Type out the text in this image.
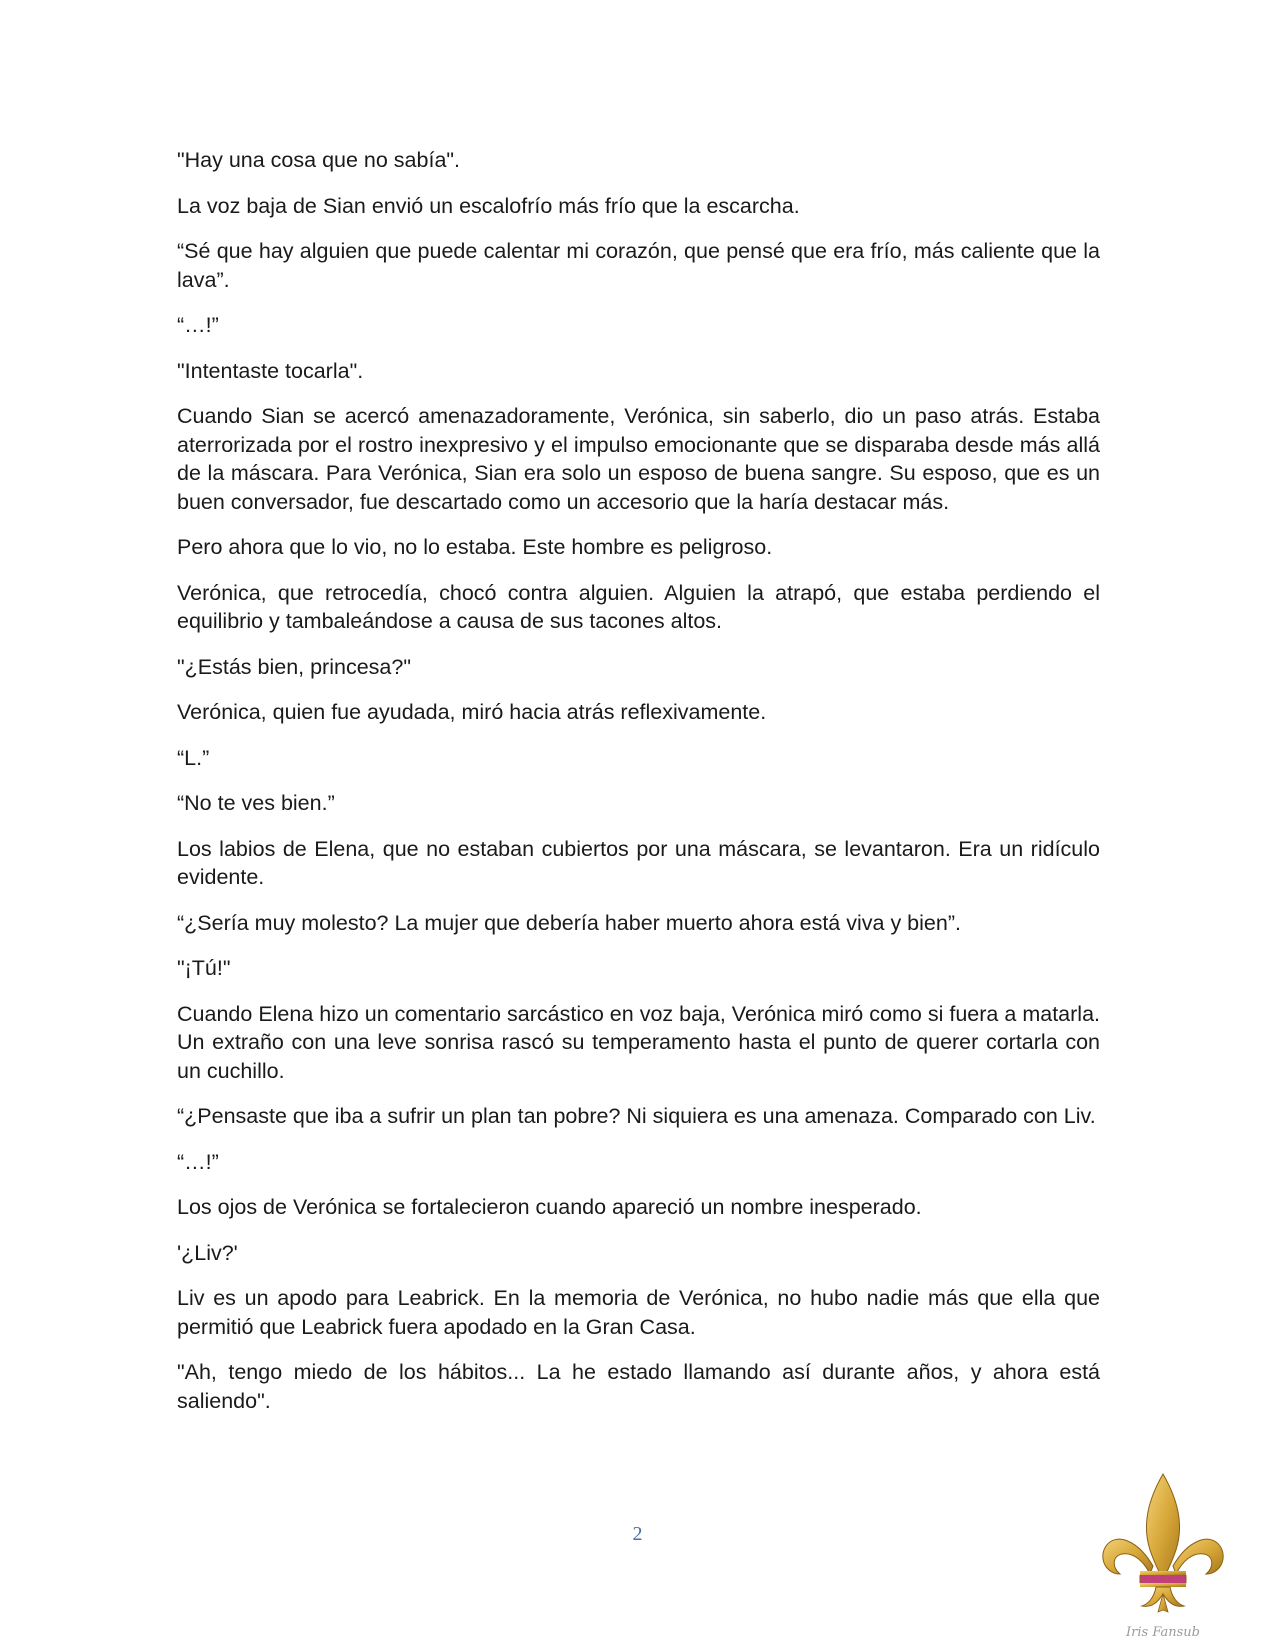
"Hay una cosa que no sabía".

La voz baja de Sian envió un escalofrío más frío que la escarcha.

“Sé que hay alguien que puede calentar mi corazón, que pensé que era frío, más caliente que la lava”.

“…!”

"Intentaste tocarla".

Cuando Sian se acercó amenazadoramente, Verónica, sin saberlo, dio un paso atrás. Estaba aterrorizada por el rostro inexpresivo y el impulso emocionante que se disparaba desde más allá de la máscara. Para Verónica, Sian era solo un esposo de buena sangre. Su esposo, que es un buen conversador, fue descartado como un accesorio que la haría destacar más.

Pero ahora que lo vio, no lo estaba. Este hombre es peligroso.

Verónica, que retrocedía, chocó contra alguien. Alguien la atrapó, que estaba perdiendo el equilibrio y tambaleándose a causa de sus tacones altos.

"¿Estás bien, princesa?"

Verónica, quien fue ayudada, miró hacia atrás reflexivamente.

“L.”

“No te ves bien.”

Los labios de Elena, que no estaban cubiertos por una máscara, se levantaron. Era un ridículo evidente.

“¿Sería muy molesto? La mujer que debería haber muerto ahora está viva y bien”.

"¡Tú!"

Cuando Elena hizo un comentario sarcástico en voz baja, Verónica miró como si fuera a matarla. Un extraño con una leve sonrisa rascó su temperamento hasta el punto de querer cortarla con un cuchillo.

“¿Pensaste que iba a sufrir un plan tan pobre? Ni siquiera es una amenaza. Comparado con Liv.

“…!”

Los ojos de Verónica se fortalecieron cuando apareció un nombre inesperado.

'¿Liv?'

Liv es un apodo para Leabrick. En la memoria de Verónica, no hubo nadie más que ella que permitió que Leabrick fuera apodado en la Gran Casa.

"Ah, tengo miedo de los hábitos... La he estado llamando así durante años, y ahora está saliendo".

2
Iris Fansub
